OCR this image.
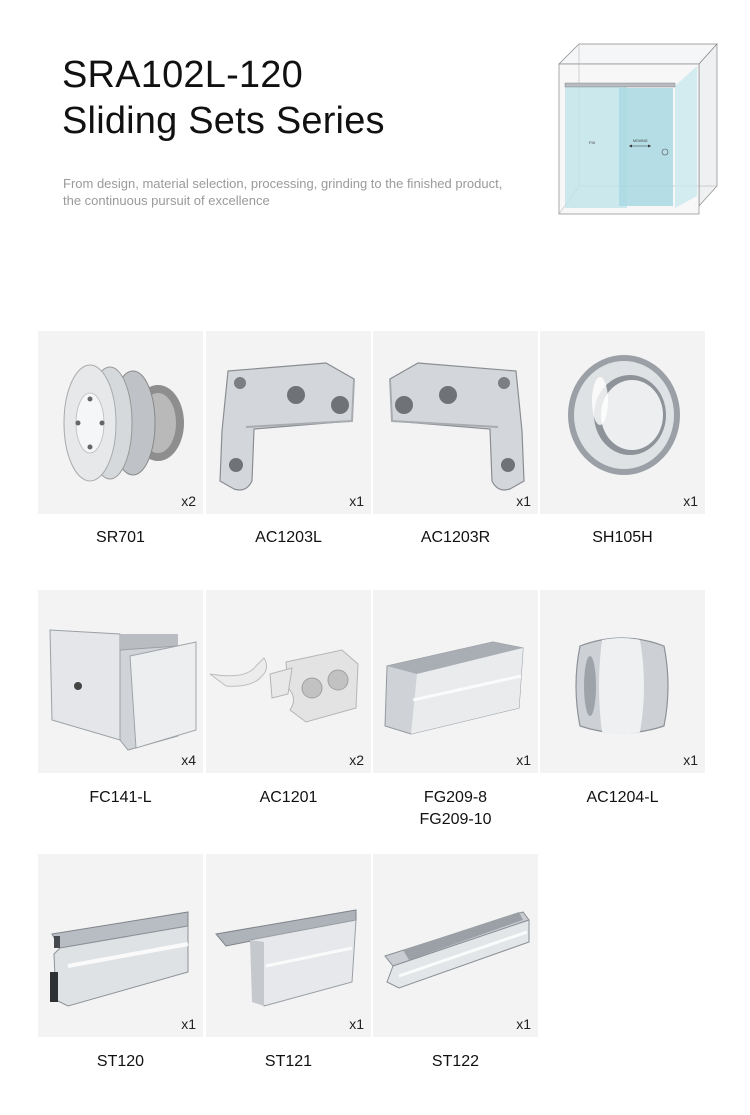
SRA102L-120
Sliding Sets Series
From design, material selection, processing, grinding to the finished product,
the continuous pursuit of excellence
FIX	MOVING
x2
SR701
x1
AC1203L
x1
AC1203R
x1
SH105H
x4
FC141-L
x2
AC1201
x1
FG209-8
FG209-10
x1
AC1204-L
x1
ST120
x1
ST121
x1
ST122
